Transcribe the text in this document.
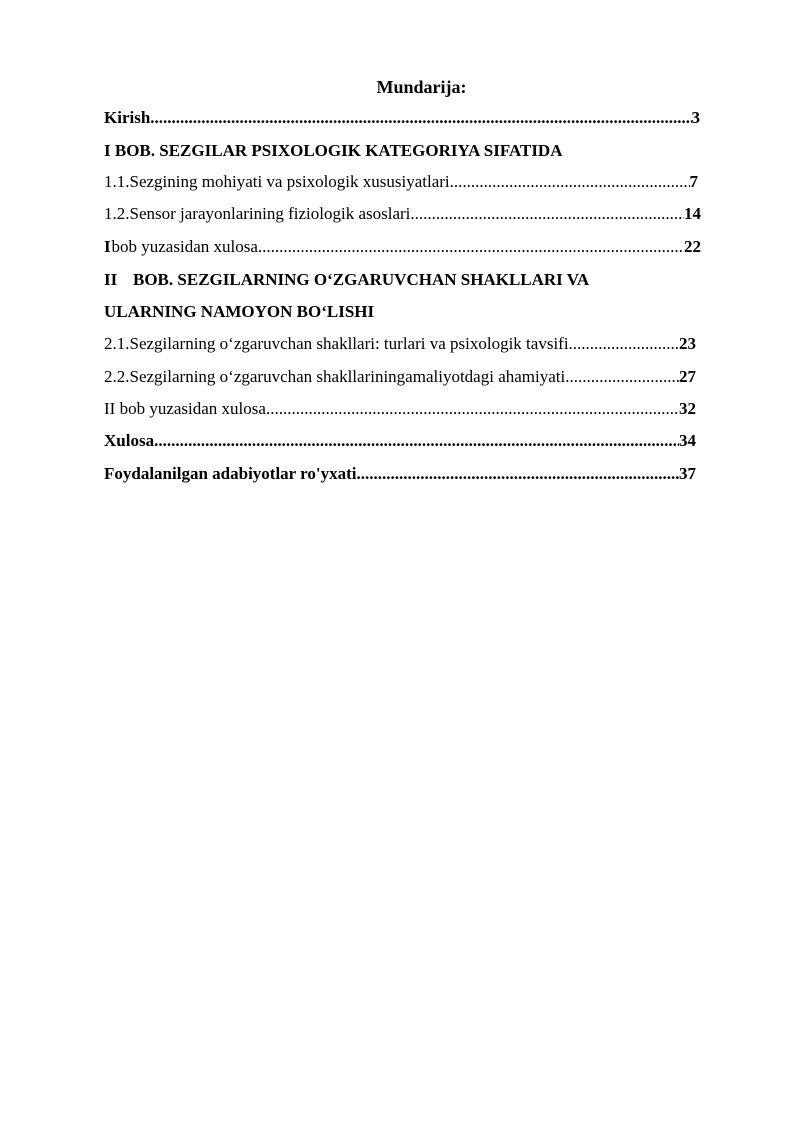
Mundarija:
Kirish .....	3
I BOB. SEZGILAR PSIXOLOGIK KATEGORIYA SIFATIDA
1.1. Sezgining mohiyati va psixologik xususiyatlari .....	7
1.2. Sensor jarayonlarining fiziologik asoslari .....	14
I bob yuzasidan xulosa .....	22
II BOB. SEZGILARNING O‘ZGARUVCHAN SHAKLLARI VA
ULARNING NAMOYON BO‘LISHI
2.1. Sezgilarning o‘zgaruvchan shakllari: turlari va psixologik tavsifi .....	23
2.2. Sezgilarning o‘zgaruvchan shakllariningamaliyotdagi ahamiyati .....	27
II bob yuzasidan xulosa .....	32
Xulosa .....	34
Foydalanilgan adabiyotlar ro'yxati .....	37
